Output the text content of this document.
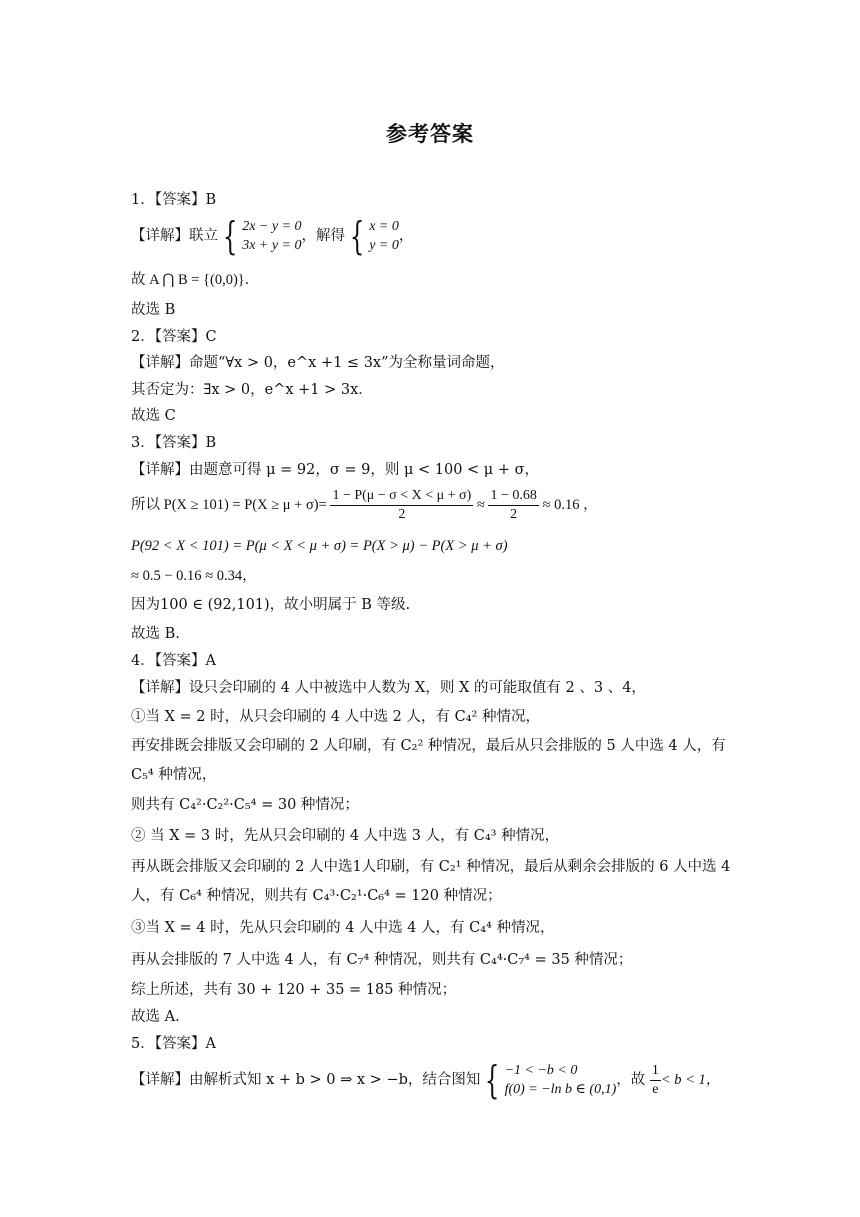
参考答案
1．【答案】B
【详解】联立 { 2x − y = 0
3x + y = 0
，解得 { x = 0
y = 0
，
故 A ⋂ B = {(0,0)}．
故选 B
2．【答案】C
【详解】命题“∀x > 0，e^x +1 ≤ 3x”为全称量词命题，
其否定为：∃x > 0，e^x +1 > 3x．
故选 C
3．【答案】B
【详解】由题意可得 μ = 92，σ = 9，则 μ < 100 < μ + σ，
所以 $P(X \ge 101) = P(X \ge \mu + \sigma)= \frac{1 - P(\mu - \sigma < X < \mu + \sigma)}{2} \approx \frac{1 - 0.68}{2} \approx 0.16$ ，
P(92 < X < 101) = P(μ < X < μ + σ) = P(X > μ) − P(X > μ + σ)
≈ 0.5 − 0.16 ≈ 0.34，
因为100 ∈ (92,101)，故小明属于 B 等级.
故选 B.
4．【答案】A
【详解】设只会印刷的 4 人中被选中人数为 X，则 X 的可能取值有 2 、3 、4，
①当 X = 2 时，从只会印刷的 4 人中选 2 人，有 C₄² 种情况，
再安排既会排版又会印刷的 2 人印刷，有 C₂² 种情况，最后从只会排版的 5 人中选 4 人，有
C₅⁴ 种情况，
则共有 C₄²·C₂²·C₅⁴ = 30 种情况；
② 当 X = 3 时，先从只会印刷的 4 人中选 3 人，有 C₄³ 种情况，
再从既会排版又会印刷的 2 人中选1人印刷，有 C₂¹ 种情况，最后从剩余会排版的 6 人中选 4
人，有 C₆⁴ 种情况，则共有 C₄³·C₂¹·C₆⁴ = 120 种情况；
③当 X = 4 时，先从只会印刷的 4 人中选 4 人，有 C₄⁴ 种情况，
再从会排版的 7 人中选 4 人，有 C₇⁴ 种情况，则共有 C₄⁴·C₇⁴ = 35 种情况；
综上所述，共有 30 + 120 + 35 = 185 种情况；
故选 A.
5．【答案】A
【详解】由解析式知 x + b > 0 ⇒ x > −b，结合图知 { −1 < −b < 0
f(0) = −ln b ∈ (0,1)
，故 $\frac{1}{e} < b < 1$，
